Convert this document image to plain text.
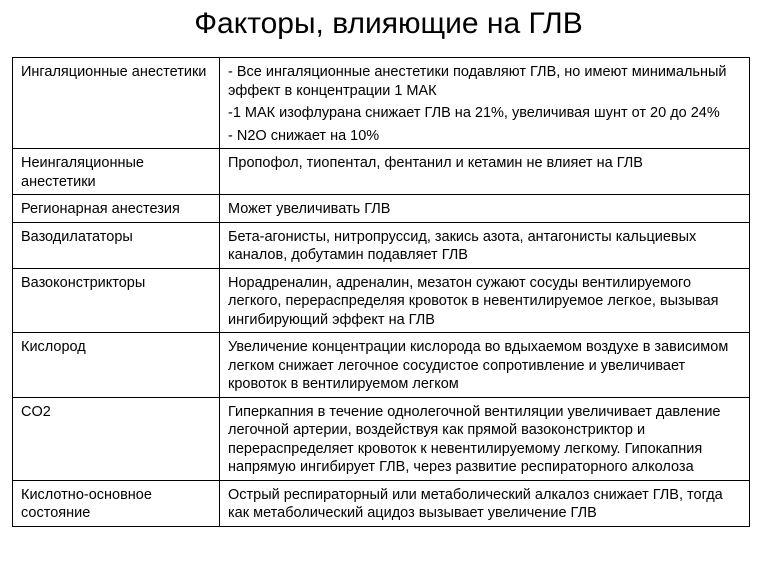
Факторы, влияющие на ГЛВ
Ингаляционные анестетики	- Все ингаляционные анестетики подавляют ГЛВ, но имеют минимальный эффект в концентрации 1 МАК
-1 МАК изофлурана снижает ГЛВ на 21%, увеличивая шунт от 20 до 24%
- N2O снижает на 10%

Неингаляционные анестетики	Пропофол, тиопентал, фентанил и кетамин не влияет на ГЛВ

Регионарная анестезия	Может увеличивать ГЛВ

Вазодилататоры	Бета-агонисты, нитропруссид, закись азота, антагонисты кальциевых каналов, добутамин подавляет ГЛВ

Вазоконстрикторы	Норадреналин, адреналин, мезатон сужают сосуды вентилируемого легкого, перераспределяя кровоток в невентилируемое легкое, вызывая ингибирующий эффект на ГЛВ

Кислород	Увеличение концентрации кислорода во вдыхаемом воздухе в зависимом легком снижает легочное сосудистое сопротивление и увеличивает кровоток в вентилируемом легком

CO2	Гиперкапния в течение однолегочной вентиляции увеличивает давление легочной артерии, воздействуя как прямой вазоконстриктор и перераспределяет кровоток к невентилируемому легкому. Гипокапния напрямую ингибирует ГЛВ, через развитие респираторного алколоза

Кислотно-основное состояние	Острый респираторный или метаболический алкалоз снижает ГЛВ, тогда как метаболический ацидоз вызывает увеличение ГЛВ
